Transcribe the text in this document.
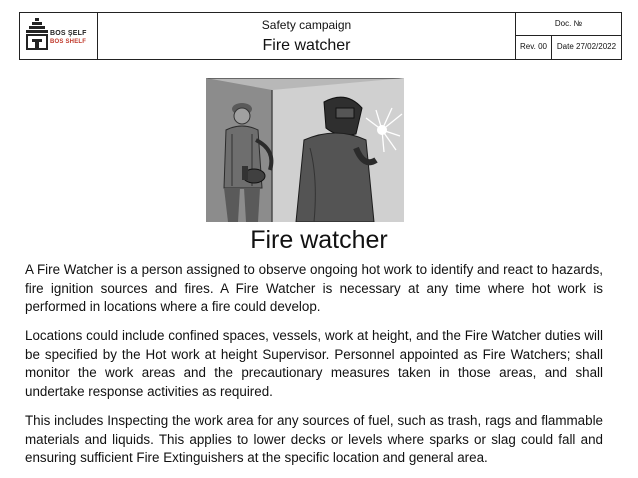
BOS ŞELF
BOS SHELF
Safety campaign
Fire watcher
Doc. №
Rev. 00	Date 27/02/2022
Fire watcher

A Fire Watcher is a person assigned to observe ongoing hot work to identify and react to hazards, fire ignition sources and fires. A Fire Watcher is necessary at any time where hot work is performed in locations where a fire could develop.

Locations could include confined spaces, vessels, work at height, and the Fire Watcher duties will be specified by the Hot work at height Supervisor. Personnel appointed as Fire Watchers; shall monitor the work areas and the precautionary measures taken in those areas, and shall undertake response activities as required.

This includes Inspecting the work area for any sources of fuel, such as trash, rags and flammable materials and liquids. This applies to lower decks or levels where sparks or slag could fall and ensuring sufficient Fire Extinguishers at the specific location and general area.
